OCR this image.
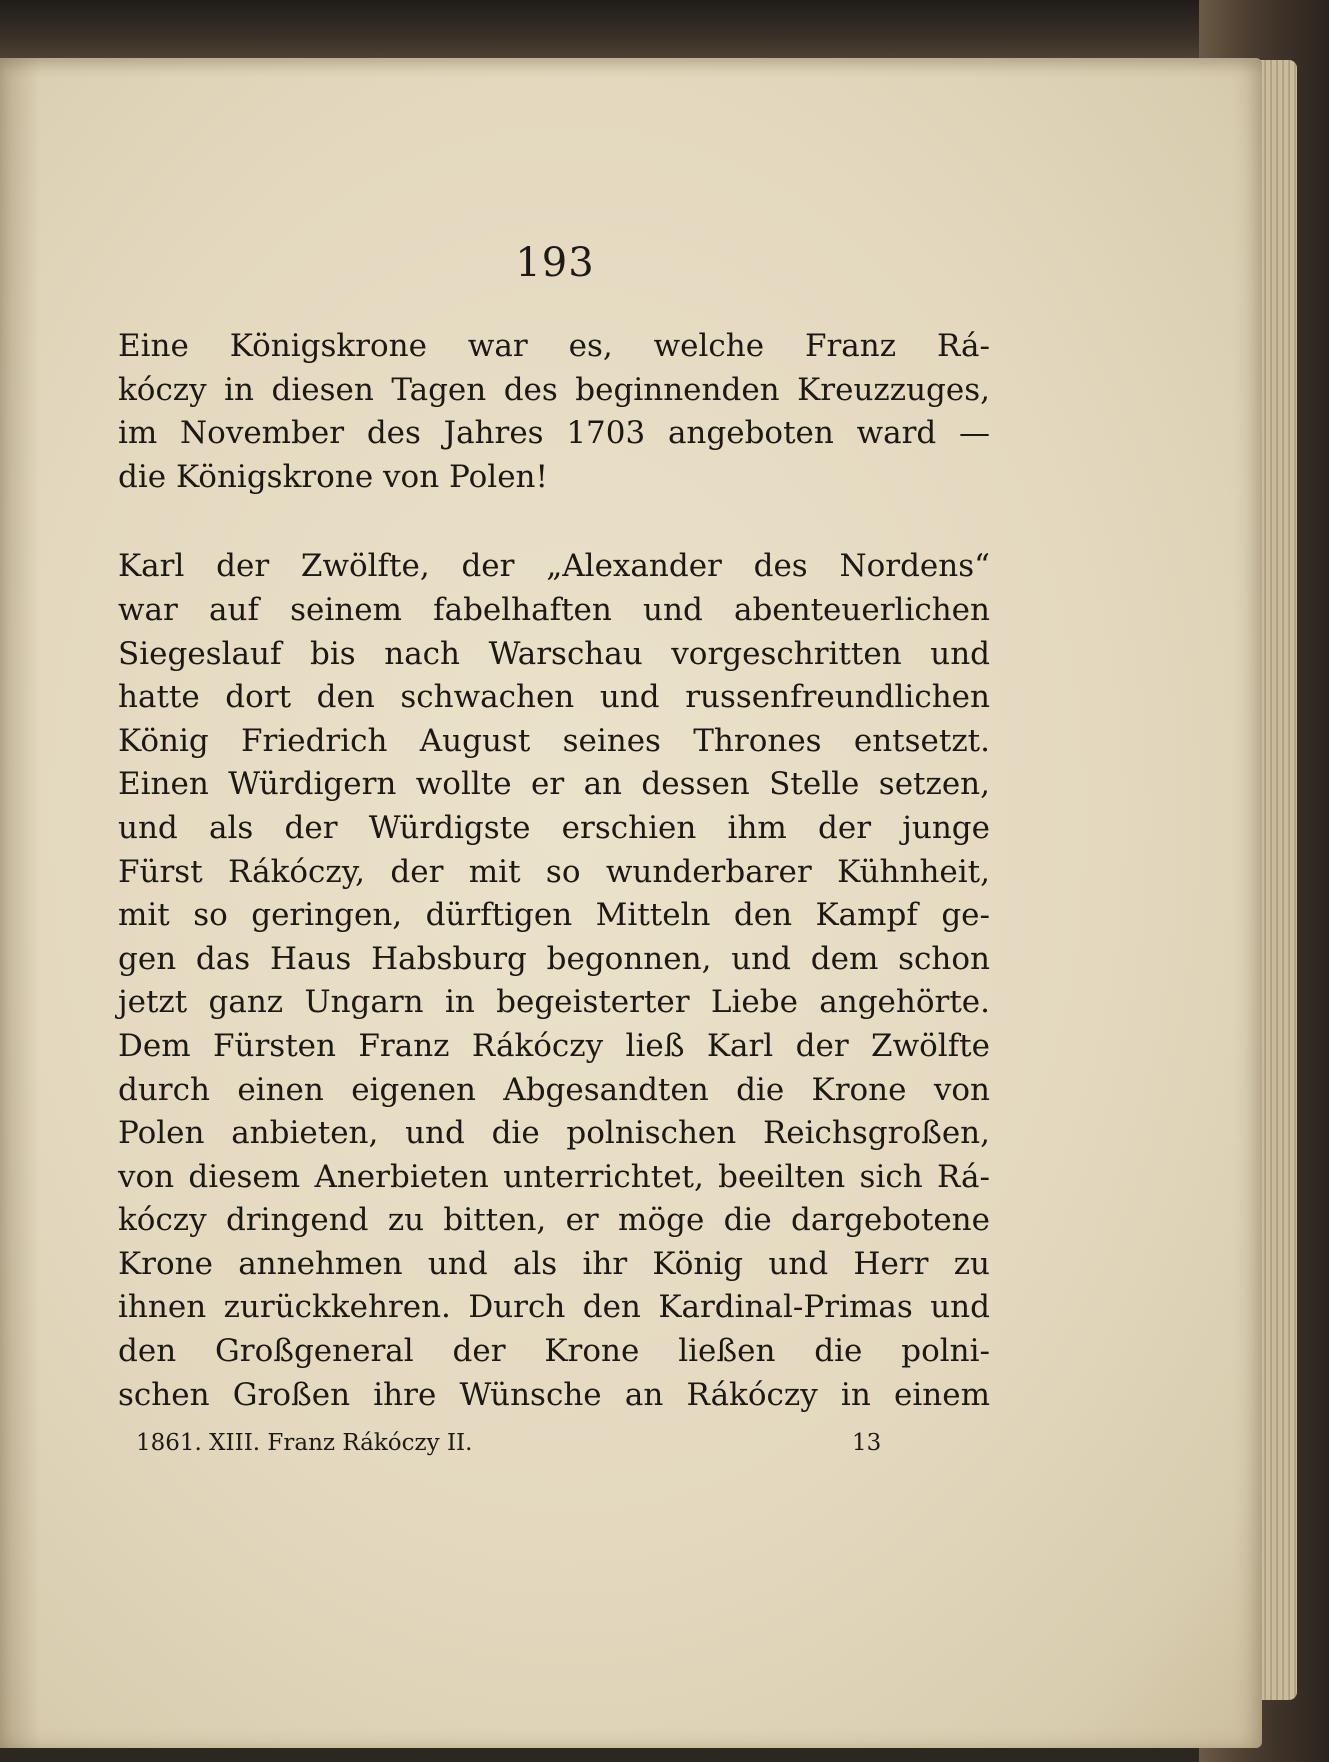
193
Eine Königskrone war es, welche Franz Rá-
kóczy in diesen Tagen des beginnenden Kreuzzuges,
im November des Jahres 1703 angeboten ward —
die Königskrone von Polen!
Karl der Zwölfte, der „Alexander des Nordens“
war auf seinem fabelhaften und abenteuerlichen
Siegeslauf bis nach Warschau vorgeschritten und
hatte dort den schwachen und russenfreundlichen
König Friedrich August seines Thrones entsetzt.
Einen Würdigern wollte er an dessen Stelle setzen,
und als der Würdigste erschien ihm der junge
Fürst Rákóczy, der mit so wunderbarer Kühnheit,
mit so geringen, dürftigen Mitteln den Kampf ge-
gen das Haus Habsburg begonnen, und dem schon
jetzt ganz Ungarn in begeisterter Liebe angehörte.
Dem Fürsten Franz Rákóczy ließ Karl der Zwölfte
durch einen eigenen Abgesandten die Krone von
Polen anbieten, und die polnischen Reichsgroßen,
von diesem Anerbieten unterrichtet, beeilten sich Rá-
kóczy dringend zu bitten, er möge die dargebotene
Krone annehmen und als ihr König und Herr zu
ihnen zurückkehren. Durch den Kardinal-Primas und
den Großgeneral der Krone ließen die polni-
schen Großen ihre Wünsche an Rákóczy in einem
1861. XIII. Franz Rákóczy II.	13
